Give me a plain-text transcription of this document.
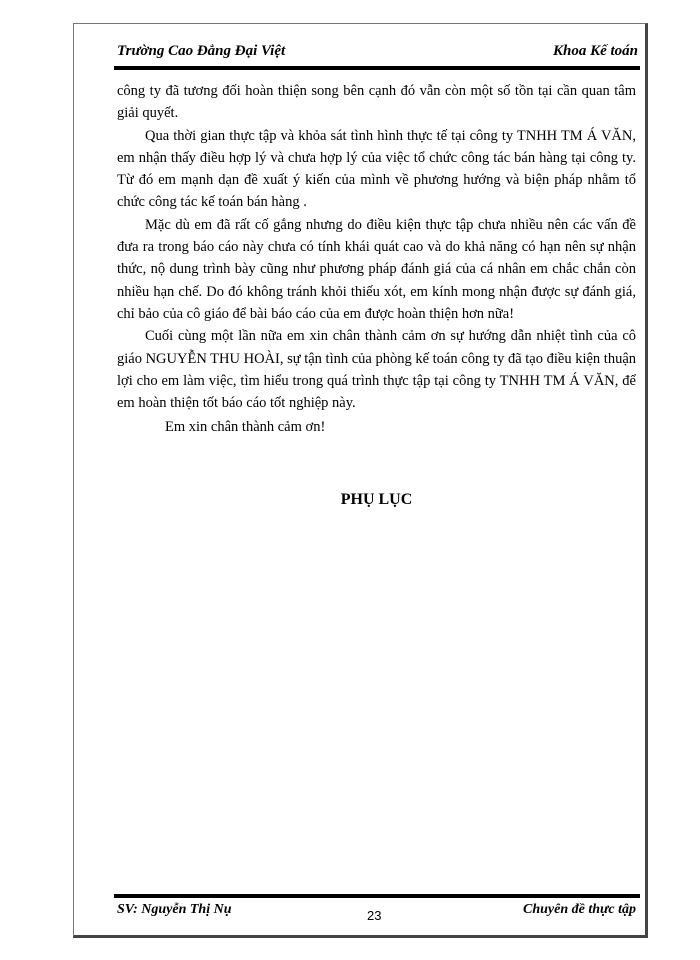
Trường Cao Đẳng Đại Việt	Khoa Kế toán

công ty đã tương đối hoàn thiện song bên cạnh đó vẫn còn một số tồn tại cần quan tâm giải quyết.

Qua thời gian thực tập và khỏa sát tình hình thực tế tại công ty TNHH TM Á VĂN, em nhận thấy điều hợp lý và chưa hợp lý của việc tổ chức công tác bán hàng tại công ty. Từ đó em mạnh dạn đề xuất ý kiến của mình về phương hướng và biện pháp nhằm tổ chức công tác kế toán bán hàng .

Mặc dù em đã rất cố gắng nhưng do điều kiện thực tập chưa nhiều nên các vấn đề đưa ra trong báo cáo này chưa có tính khái quát cao và do khả năng có hạn nên sự nhận thức, nộ dung trình bày cũng như phương pháp đánh giá của cá nhân em chắc chắn còn nhiều hạn chế. Do đó không tránh khỏi thiếu xót, em kính mong nhận được sự đánh giá, chỉ bảo của cô giáo để bài báo cáo của em được hoàn thiện hơn nữa!

Cuối cùng một lần nữa em xin chân thành cảm ơn sự hướng dẫn nhiệt tình của cô giáo NGUYỄN THU HOÀI, sự tận tình của phòng kế toán công ty đã tạo điều kiện thuận lợi cho em làm việc, tìm hiểu trong quá trình thực tập tại công ty TNHH TM Á VĂN, để em hoàn thiện tốt báo cáo tốt nghiệp này.

Em xin chân thành cảm ơn!

PHỤ LỤC
SV: Nguyễn Thị Nụ	23	Chuyên đề thực tập
